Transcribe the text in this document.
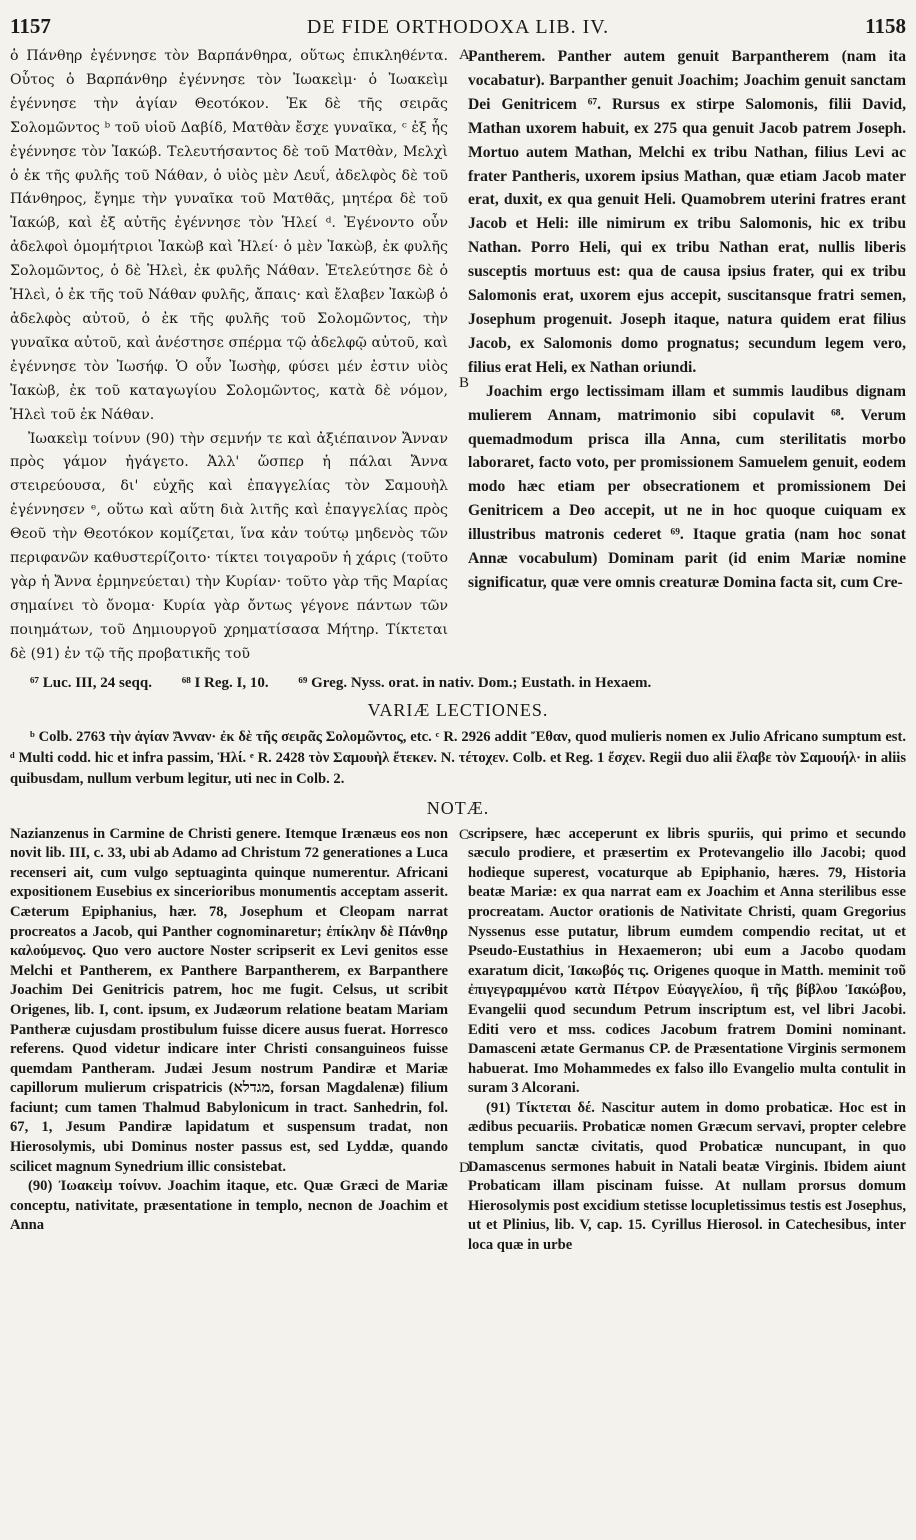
1157	DE FIDE ORTHODOXA LIB. IV.	1158
A
B

ὁ Πάνθηρ ἐγέννησε τὸν Βαρπάνθηρα, οὕτως ἐπικληθέντα. Οὗτος ὁ Βαρπάνθηρ ἐγέννησε τὸν Ἰωακεὶμ· ὁ Ἰωακεὶμ ἐγέννησε τὴν ἁγίαν Θεοτόκον. Ἐκ δὲ τῆς σειρᾶς Σολομῶντος ᵇ τοῦ υἱοῦ Δαβίδ, Ματθὰν ἔσχε γυναῖκα, ᶜ ἐξ ἧς ἐγέννησε τὸν Ἰακώβ. Τελευτήσαντος δὲ τοῦ Ματθὰν, Μελχὶ ὁ ἐκ τῆς φυλῆς τοῦ Νάθαν, ὁ υἱὸς μὲν Λευΐ, ἀδελφὸς δὲ τοῦ Πάνθηρος, ἔγημε τὴν γυναῖκα τοῦ Ματθᾶς, μητέρα δὲ τοῦ Ἰακώβ, καὶ ἐξ αὐτῆς ἐγέννησε τὸν Ἡλεί ᵈ. Ἐγένοντο οὖν ἀδελφοὶ ὁμομήτριοι Ἰακὼβ καὶ Ἡλεί· ὁ μὲν Ἰακὼβ, ἐκ φυλῆς Σολομῶντος, ὁ δὲ Ἡλεὶ, ἐκ φυλῆς Νάθαν. Ἐτελεύτησε δὲ ὁ Ἡλεὶ, ὁ ἐκ τῆς τοῦ Νάθαν φυλῆς, ἄπαις· καὶ ἔλαβεν Ἰακὼβ ὁ ἀδελφὸς αὐτοῦ, ὁ ἐκ τῆς φυλῆς τοῦ Σολομῶντος, τὴν γυναῖκα αὐτοῦ, καὶ ἀνέστησε σπέρμα τῷ ἀδελφῷ αὐτοῦ, καὶ ἐγέννησε τὸν Ἰωσήφ. Ὁ οὖν Ἰωσὴφ, φύσει μέν ἐστιν υἱὸς Ἰακὼβ, ἐκ τοῦ καταγωγίου Σολομῶντος, κατὰ δὲ νόμον, Ἡλεὶ τοῦ ἐκ Νάθαν.

Ἰωακεὶμ τοίνυν (90) τὴν σεμνήν τε καὶ ἀξιέπαινον Ἄνναν πρὸς γάμον ἠγάγετο. Ἀλλ' ὥσπερ ἡ πάλαι Ἄννα στειρεύουσα, δι' εὐχῆς καὶ ἐπαγγελίας τὸν Σαμουὴλ ἐγέννησεν ᵉ, οὕτω καὶ αὕτη διὰ λιτῆς καὶ ἐπαγγελίας πρὸς Θεοῦ τὴν Θεοτόκον κομίζεται, ἵνα κἀν τούτῳ μηδενὸς τῶν περιφανῶν καθυστερίζοιτο· τίκτει τοιγαροῦν ἡ χάρις (τοῦτο γὰρ ἡ Ἄννα ἑρμηνεύεται) τὴν Κυρίαν· τοῦτο γὰρ τῆς Μαρίας σημαίνει τὸ ὄνομα· Κυρία γὰρ ὄντως γέγονε πάντων τῶν ποιημάτων, τοῦ Δημιουργοῦ χρηματίσασα Μήτηρ. Τίκτεται δὲ (91) ἐν τῷ τῆς προβατικῆς τοῦ

Pantherem. Panther autem genuit Barpantherem (nam ita vocabatur). Barpanther genuit Joachim; Joachim genuit sanctam Dei Genitricem ⁶⁷. Rursus ex stirpe Salomonis, filii David, Mathan uxorem habuit, ex 275 qua genuit Jacob patrem Joseph. Mortuo autem Mathan, Melchi ex tribu Nathan, filius Levi ac frater Pantheris, uxorem ipsius Mathan, quæ etiam Jacob mater erat, duxit, ex qua genuit Heli. Quamobrem uterini fratres erant Jacob et Heli: ille nimirum ex tribu Salomonis, hic ex tribu Nathan. Porro Heli, qui ex tribu Nathan erat, nullis liberis susceptis mortuus est: qua de causa ipsius frater, qui ex tribu Salomonis erat, uxorem ejus accepit, suscitansque fratri semen, Josephum progenuit. Joseph itaque, natura quidem erat filius Jacob, ex Salomonis domo prognatus; secundum legem vero, filius erat Heli, ex Nathan oriundi.

Joachim ergo lectissimam illam et summis laudibus dignam mulierem Annam, matrimonio sibi copulavit ⁶⁸. Verum quemadmodum prisca illa Anna, cum sterilitatis morbo laboraret, facto voto, per promissionem Samuelem genuit, eodem modo hæc etiam per obsecrationem et promissionem Dei Genitricem a Deo accepit, ut ne in hoc quoque cuiquam ex illustribus matronis cederet ⁶⁹. Itaque gratia (nam hoc sonat Annæ vocabulum) Dominam parit (id enim Mariæ nomine significatur, quæ vere omnis creaturæ Domina facta sit, cum Cre-

⁶⁷ Luc. III, 24 seqq. ⁶⁸ I Reg. I, 10. ⁶⁹ Greg. Nyss. orat. in nativ. Dom.; Eustath. in Hexaem.
VARIÆ LECTIONES.

ᵇ Colb. 2763 τὴν ἁγίαν Ἄνναν· ἐκ δὲ τῆς σειρᾶς Σολομῶντος, etc. ᶜ R. 2926 addit Ἔθαν, quod mulieris nomen ex Julio Africano sumptum est. ᵈ Multi codd. hic et infra passim, Ἡλί. ᵉ R. 2428 τὸν Σαμουὴλ ἔτεκεν. N. τέτοχεν. Colb. et Reg. 1 ἔσχεν. Regii duo alii ἔλαβε τὸν Σαμουήλ· in aliis quibusdam, nullum verbum legitur, uti nec in Colb. 2.

NOTÆ.
C
D

Nazianzenus in Carmine de Christi genere. Itemque Irænæus eos non novit lib. III, c. 33, ubi ab Adamo ad Christum 72 generationes a Luca recenseri ait, cum vulgo septuaginta quinque numerentur. Africani expositionem Eusebius ex sincerioribus monumentis acceptam asserit. Cæterum Epiphanius, hær. 78, Josephum et Cleopam narrat procreatos a Jacob, qui Panther cognominaretur; ἐπίκλην δὲ Πάνθηρ καλούμενος. Quo vero auctore Noster scripserit ex Levi genitos esse Melchi et Pantherem, ex Panthere Barpantherem, ex Barpanthere Joachim Dei Genitricis patrem, hoc me fugit. Celsus, ut scribit Origenes, lib. I, cont. ipsum, ex Judæorum relatione beatam Mariam Pantheræ cujusdam prostibulum fuisse dicere ausus fuerat. Horresco referens. Quod videtur indicare inter Christi consanguineos fuisse quemdam Pantheram. Judæi Jesum nostrum Pandiræ et Mariæ capillorum mulierum crispatricis (מגדלא, forsan Magdalenæ) filium faciunt; cum tamen Thalmud Babylonicum in tract. Sanhedrin, fol. 67, 1, Jesum Pandiræ lapidatum et suspensum tradat, non Hierosolymis, ubi Dominus noster passus est, sed Lyddæ, quando scilicet magnum Synedrium illic consistebat.

(90) Ἰωακεὶμ τοίνυν. Joachim itaque, etc. Quæ Græci de Mariæ conceptu, nativitate, præsentatione in templo, necnon de Joachim et Anna

scripsere, hæc acceperunt ex libris spuriis, qui primo et secundo sæculo prodiere, et præsertim ex Protevangelio illo Jacobi; quod hodieque superest, vocaturque ab Epiphanio, hæres. 79, Historia beatæ Mariæ: ex qua narrat eam ex Joachim et Anna sterilibus esse procreatam. Auctor orationis de Nativitate Christi, quam Gregorius Nyssenus esse putatur, librum eumdem compendio recitat, ut et Pseudo-Eustathius in Hexaemeron; ubi eum a Jacobo quodam exaratum dicit, Ἰακωβός τις. Origenes quoque in Matth. meminit τοῦ ἐπιγεγραμμένου κατὰ Πέτρον Εὐαγγελίου, ἢ τῆς βίβλου Ἰακώβου, Evangelii quod secundum Petrum inscriptum est, vel libri Jacobi. Editi vero et mss. codices Jacobum fratrem Domini nominant. Damasceni ætate Germanus CP. de Præsentatione Virginis sermonem habuerat. Imo Mohammedes ex falso illo Evangelio multa contulit in suram 3 Alcorani.

(91) Τίκτεται δέ. Nascitur autem in domo probaticæ. Hoc est in ædibus pecuariis. Probaticæ nomen Græcum servavi, propter celebre templum sanctæ civitatis, quod Probaticæ nuncupant, in quo Damascenus sermones habuit in Natali beatæ Virginis. Ibidem aiunt Probaticam illam piscinam fuisse. At nullam prorsus domum Hierosolymis post excidium stetisse locupletissimus testis est Josephus, ut et Plinius, lib. V, cap. 15. Cyrillus Hierosol. in Catechesibus, inter loca quæ in urbe
